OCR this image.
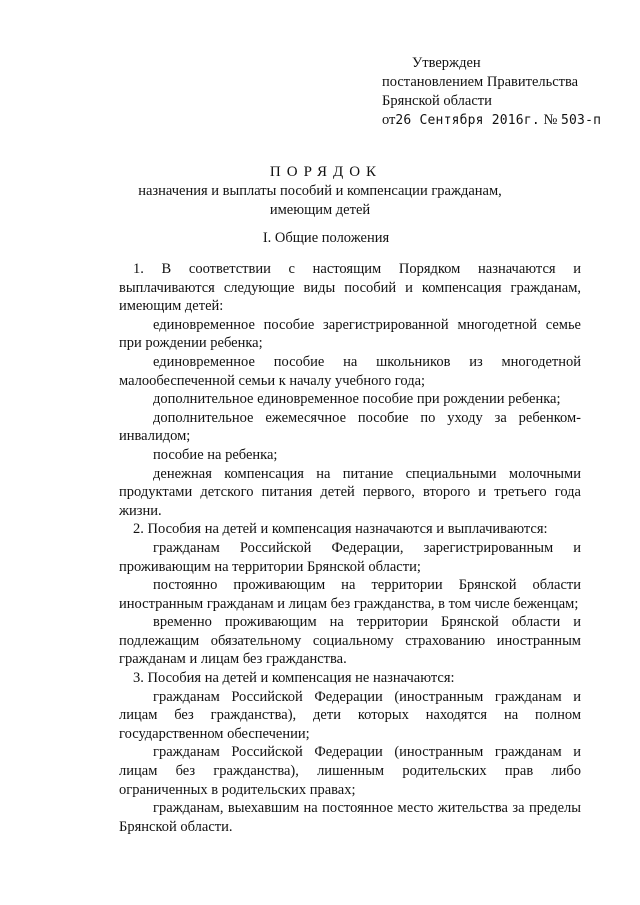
Утвержден
постановлением Правительства
Брянской области
от26 Сентября 2016г. № 503-п
ПОРЯДОК
назначения и выплаты пособий и компенсации гражданам,
имеющим детей
I. Общие положения

1. В соответствии с настоящим Порядком назначаются и выплачиваются следующие виды пособий и компенсация гражданам, имеющим детей:

единовременное пособие зарегистрированной многодетной семье при рождении ребенка;

единовременное пособие на школьников из многодетной малообеспеченной семьи к началу учебного года;

дополнительное единовременное пособие при рождении ребенка;

дополнительное ежемесячное пособие по уходу за ребенком-инвалидом;

пособие на ребенка;

денежная компенсация на питание специальными молочными продуктами детского питания детей первого, второго и третьего года жизни.

2. Пособия на детей и компенсация назначаются и выплачиваются:

гражданам Российской Федерации, зарегистрированным и проживающим на территории Брянской области;

постоянно проживающим на территории Брянской области иностранным гражданам и лицам без гражданства, в том числе беженцам;

временно проживающим на территории Брянской области и подлежащим обязательному социальному страхованию иностранным гражданам и лицам без гражданства.

3. Пособия на детей и компенсация не назначаются:

гражданам Российской Федерации (иностранным гражданам и лицам без гражданства), дети которых находятся на полном государственном обеспечении;

гражданам Российской Федерации (иностранным гражданам и лицам без гражданства), лишенным родительских прав либо ограниченных в родительских правах;

гражданам, выехавшим на постоянное место жительства за пределы Брянской области.
